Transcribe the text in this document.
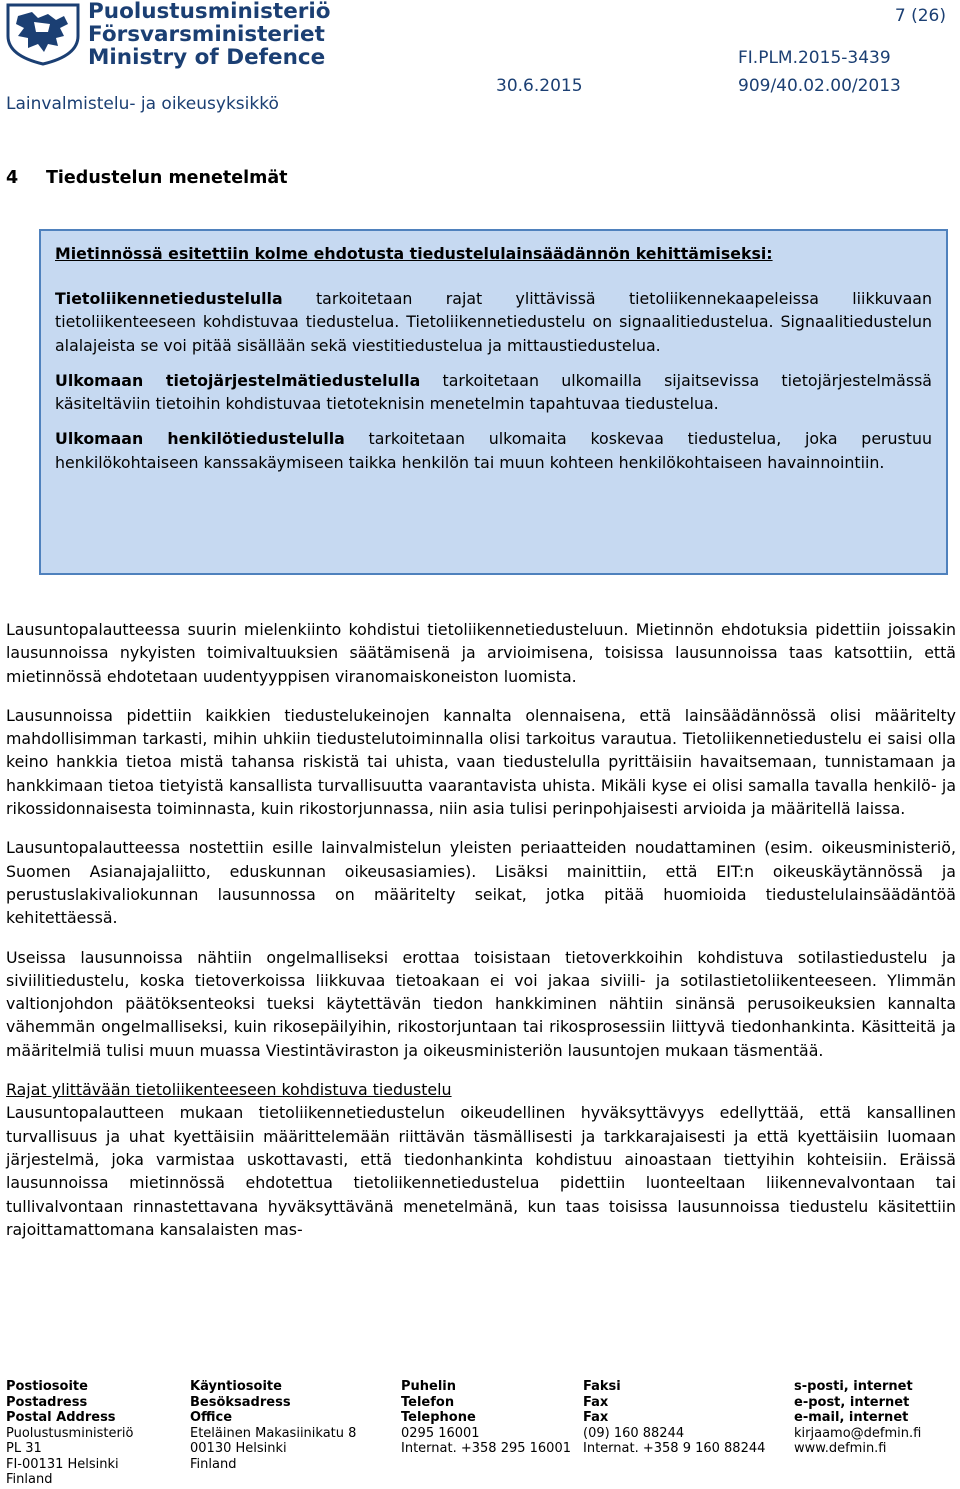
Puolustusministeriö
Försvarsministeriet
Ministry of Defence
Lainvalmistelu- ja oikeusyksikkö
7 (26)
FI.PLM.2015-3439
30.6.2015	909/40.02.00/2013
4 Tiedustelun menetelmät
Mietinnössä esitettiin kolme ehdotusta tiedustelulainsäädännön kehittämiseksi:

Tietoliikennetiedustelulla tarkoitetaan rajat ylittävissä tietoliikennekaapeleissa liikkuvaan tietoliikenteeseen kohdistuvaa tiedustelua. Tietoliikennetiedustelu on signaalitiedustelua. Signaalitiedustelun alalajeista se voi pitää sisällään sekä viestitiedustelua ja mittaustiedustelua.

Ulkomaan tietojärjestelmätiedustelulla tarkoitetaan ulkomailla sijaitsevissa tietojärjestelmässä käsiteltäviin tietoihin kohdistuvaa tietoteknisin menetelmin tapahtuvaa tiedustelua.

Ulkomaan henkilötiedustelulla tarkoitetaan ulkomaita koskevaa tiedustelua, joka perustuu henkilökohtaiseen kanssakäymiseen taikka henkilön tai muun kohteen henkilökohtaiseen havainnointiin.

Lausuntopalautteessa suurin mielenkiinto kohdistui tietoliikennetiedusteluun. Mietinnön ehdotuksia pidettiin joissakin lausunnoissa nykyisten toimivaltuuksien säätämisenä ja arvioimisena, toisissa lausunnoissa taas katsottiin, että mietinnössä ehdotetaan uudentyyppisen viranomaiskoneiston luomista.

Lausunnoissa pidettiin kaikkien tiedustelukeinojen kannalta olennaisena, että lainsäädännössä olisi määritelty mahdollisimman tarkasti, mihin uhkiin tiedustelutoiminnalla olisi tarkoitus varautua. Tietoliikennetiedustelu ei saisi olla keino hankkia tietoa mistä tahansa riskistä tai uhista, vaan tiedustelulla pyrittäisiin havaitsemaan, tunnistamaan ja hankkimaan tietoa tietyistä kansallista turvallisuutta vaarantavista uhista. Mikäli kyse ei olisi samalla tavalla henkilö- ja rikossidonnaisesta toiminnasta, kuin rikostorjunnassa, niin asia tulisi perinpohjaisesti arvioida ja määritellä laissa.

Lausuntopalautteessa nostettiin esille lainvalmistelun yleisten periaatteiden noudattaminen (esim. oikeusministeriö, Suomen Asianajajaliitto, eduskunnan oikeusasiamies). Lisäksi mainittiin, että EIT:n oikeuskäytännössä ja perustuslakivaliokunnan lausunnossa on määritelty seikat, jotka pitää huomioida tiedustelulainsäädäntöä kehitettäessä.

Useissa lausunnoissa nähtiin ongelmalliseksi erottaa toisistaan tietoverkkoihin kohdistuva sotilastiedustelu ja siviilitiedustelu, koska tietoverkoissa liikkuvaa tietoakaan ei voi jakaa siviili- ja sotilastietoliikenteeseen. Ylimmän valtionjohdon päätöksenteoksi tueksi käytettävän tiedon hankkiminen nähtiin sinänsä perusoikeuksien kannalta vähemmän ongelmalliseksi, kuin rikosepäilyihin, rikostorjuntaan tai rikosprosessiin liittyvä tiedonhankinta. Käsitteitä ja määritelmiä tulisi muun muassa Viestintäviraston ja oikeusministeriön lausuntojen mukaan täsmentää.

Rajat ylittävään tietoliikenteeseen kohdistuva tiedustelu

Lausuntopalautteen mukaan tietoliikennetiedustelun oikeudellinen hyväksyttävyys edellyttää, että kansallinen turvallisuus ja uhat kyettäisiin määrittelemään riittävän täsmällisesti ja tarkkarajaisesti ja että kyettäisiin luomaan järjestelmä, joka varmistaa uskottavasti, että tiedonhankinta kohdistuu ainoastaan tiettyihin kohteisiin. Eräissä lausunnoissa mietinnössä ehdotettua tietoliikennetiedustelua pidettiin luonteeltaan liikennevalvontaan tai tullivalvontaan rinnastettavana hyväksyttävänä menetelmänä, kun taas toisissa lausunnoissa tiedustelu käsitettiin rajoittamattomana kansalaisten mas-

Postiosoite
Postadress
Postal Address
Puolustusministeriö
PL 31
FI-00131 Helsinki
Finland
Käyntiosoite
Besöksadress
Office
Eteläinen Makasiinikatu 8
00130 Helsinki
Finland
Puhelin
Telefon
Telephone
0295 16001
Internat. +358 295 16001
Faksi
Fax
Fax
(09) 160 88244
Internat. +358 9 160 88244
s-posti, internet
e-post, internet
e-mail, internet
kirjaamo@defmin.fi
www.defmin.fi
